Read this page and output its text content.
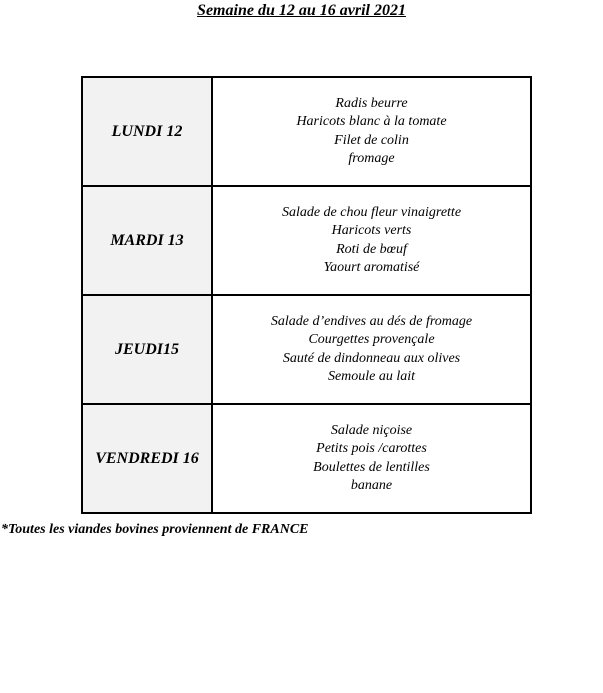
Semaine du 12 au 16 avril 2021
LUNDI 12	Radis beurre
Haricots blanc à la tomate
Filet de colin
fromage

MARDI 13	Salade de chou fleur vinaigrette
Haricots verts
Roti de bœuf
Yaourt aromatisé

JEUDI15	Salade d’endives au dés de fromage
Courgettes provençale
Sauté de dindonneau aux olives
Semoule au lait

VENDREDI 16	Salade niçoise
Petits pois /carottes
Boulettes de lentilles
banane
*Toutes les viandes bovines proviennent de FRANCE
